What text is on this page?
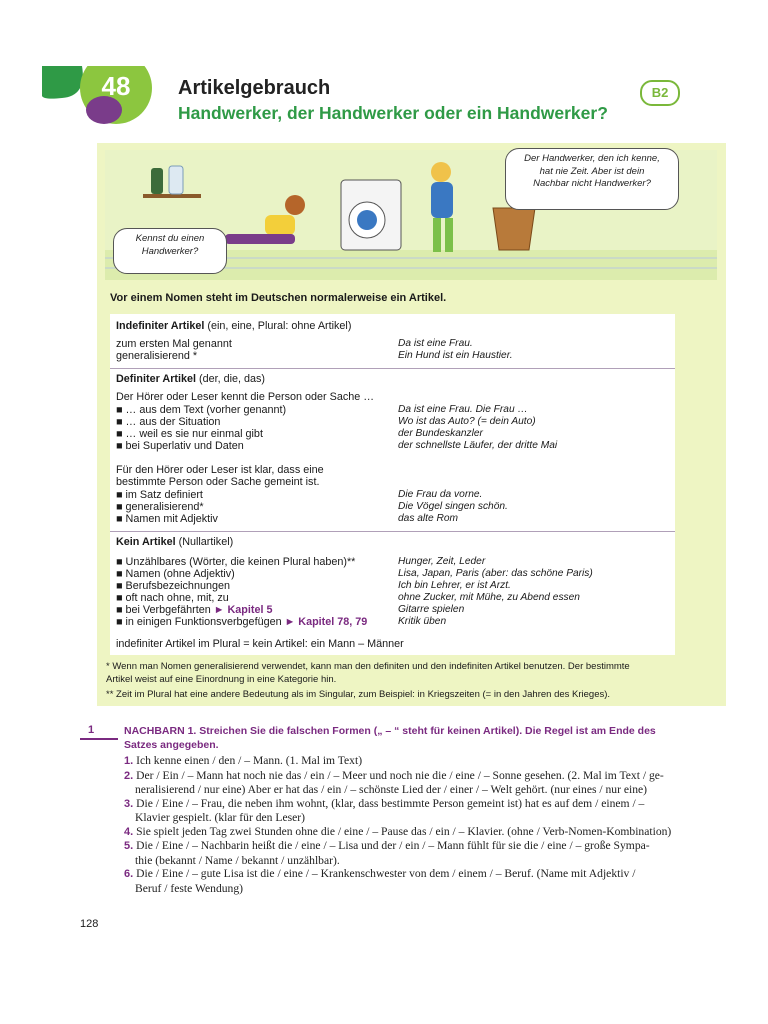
48 Artikelgebrauch
Handwerker, der Handwerker oder ein Handwerker?
B2
Der Handwerker, den ich kenne,
hat nie Zeit. Aber ist dein
Nachbar nicht Handwerker?
Kennst du einen
Handwerker?
Vor einem Nomen steht im Deutschen normalerweise ein Artikel.
Indefiniter Artikel (ein, eine, Plural: ohne Artikel)
zum ersten Mal genannt	Da ist eine Frau.
generalisierend *	Ein Hund ist ein Haustier.
Definiter Artikel (der, die, das)
Der Hörer oder Leser kennt die Person oder Sache …
■ … aus dem Text (vorher genannt)	Da ist eine Frau. Die Frau …
■ … aus der Situation	Wo ist das Auto? (= dein Auto)
■ … weil es sie nur einmal gibt	der Bundeskanzler
■ bei Superlativ und Daten	der schnellste Läufer, der dritte Mai
Für den Hörer oder Leser ist klar, dass eine
bestimmte Person oder Sache gemeint ist.
■ im Satz definiert	Die Frau da vorne.
■ generalisierend*	Die Vögel singen schön.
■ Namen mit Adjektiv	das alte Rom
Kein Artikel (Nullartikel)
■ Unzählbares (Wörter, die keinen Plural haben)**	Hunger, Zeit, Leder
■ Namen (ohne Adjektiv)	Lisa, Japan, Paris (aber: das schöne Paris)
■ Berufsbezeichnungen	Ich bin Lehrer, er ist Arzt.
■ oft nach ohne, mit, zu	ohne Zucker, mit Mühe, zu Abend essen
■ bei Verbgefährten ► Kapitel 5	Gitarre spielen
■ in einigen Funktionsverbgefügen ► Kapitel 78, 79	Kritik üben
indefiniter Artikel im Plural = kein Artikel: ein Mann – Männer
* Wenn man Nomen generalisierend verwendet, kann man den definiten und den indefiniten Artikel benutzen. Der bestimmte
Artikel weist auf eine Einordnung in eine Kategorie hin.
** Zeit im Plural hat eine andere Bedeutung als im Singular, zum Beispiel: in Kriegszeiten (= in den Jahren des Krieges).
1	NACHBARN 1. Streichen Sie die falschen Formen („ – “ steht für keinen Artikel). Die Regel ist am Ende des Satzes angegeben.
1. Ich kenne einen / den / – Mann. (1. Mal im Text)
2. Der / Ein / – Mann hat noch nie das / ein / – Meer und noch nie die / eine / – Sonne gesehen. (2. Mal im Text / ge-
neralisierend / nur eine) Aber er hat das / ein / – schönste Lied der / einer / – Welt gehört. (nur eines / nur eine)
3. Die / Eine / – Frau, die neben ihm wohnt, (klar, dass bestimmte Person gemeint ist) hat es auf dem / einem / –
Klavier gespielt. (klar für den Leser)
4. Sie spielt jeden Tag zwei Stunden ohne die / eine / – Pause das / ein / – Klavier. (ohne / Verb-Nomen-Kombination)
5. Die / Eine / – Nachbarin heißt die / eine / – Lisa und der / ein / – Mann fühlt für sie die / eine / – große Sympa-
thie (bekannt / Name / bekannt / unzählbar).
6. Die / Eine / – gute Lisa ist die / eine / – Krankenschwester von dem / einem / – Beruf. (Name mit Adjektiv /
Beruf / feste Wendung)
128
